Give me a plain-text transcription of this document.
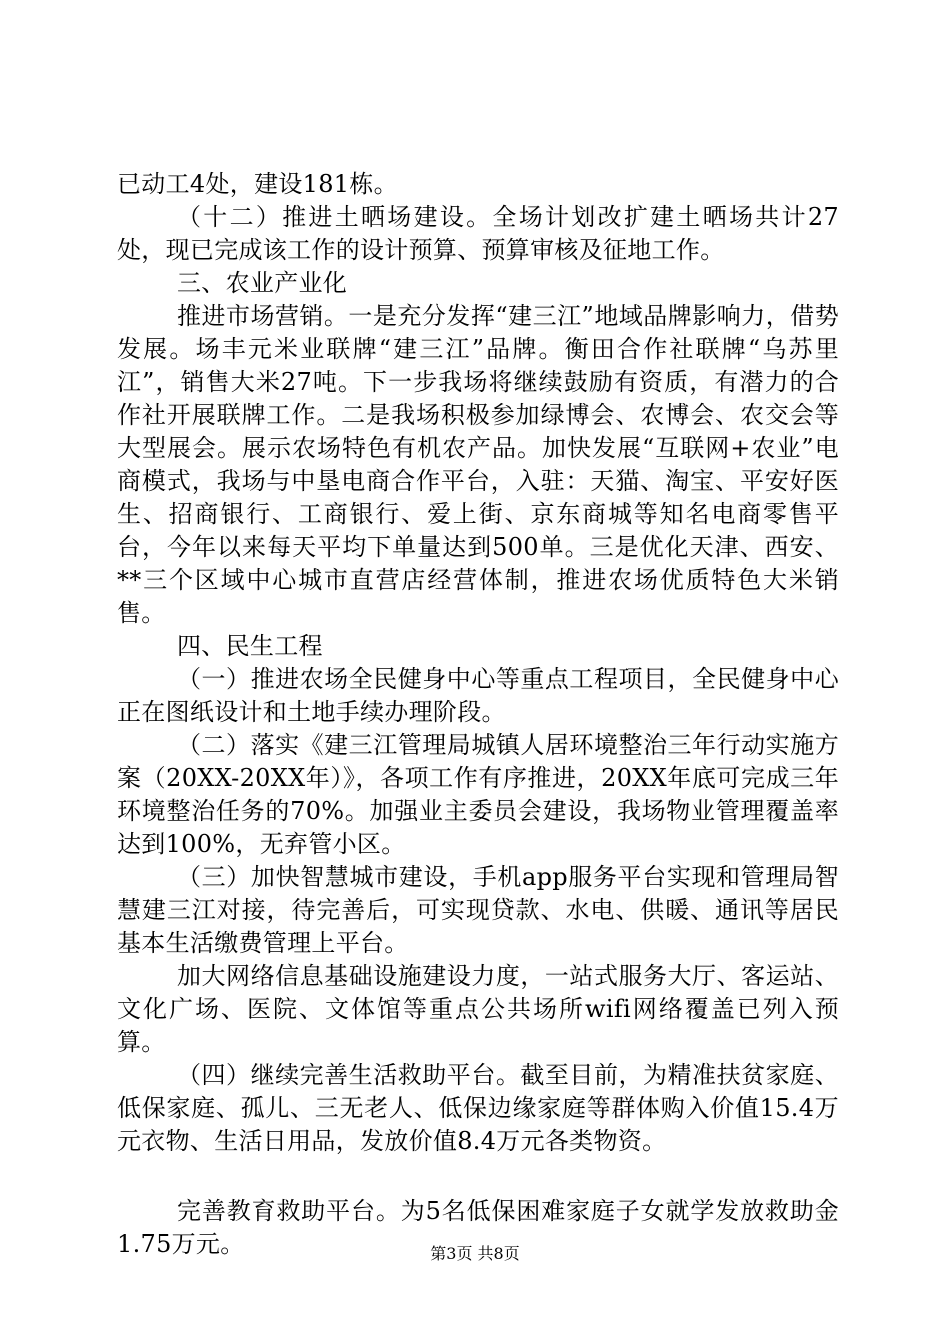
已动工4处，建设181栋。

（十二）推进土晒场建设。全场计划改扩建土晒场共计27处，现已完成该工作的设计预算、预算审核及征地工作。

三、农业产业化

推进市场营销。一是充分发挥“建三江”地域品牌影响力，借势发展。场丰元米业联牌“建三江”品牌。衡田合作社联牌“乌苏里江”，销售大米27吨。下一步我场将继续鼓励有资质，有潜力的合作社开展联牌工作。二是我场积极参加绿博会、农博会、农交会等大型展会。展示农场特色有机农产品。加快发展“互联网+农业”电商模式，我场与中垦电商合作平台，入驻：天猫、淘宝、平安好医生、招商银行、工商银行、爱上街、京东商城等知名电商零售平台，今年以来每天平均下单量达到500单。三是优化天津、西安、**三个区域中心城市直营店经营体制，推进农场优质特色大米销售。

四、民生工程

（一）推进农场全民健身中心等重点工程项目，全民健身中心正在图纸设计和土地手续办理阶段。

（二）落实《建三江管理局城镇人居环境整治三年行动实施方案（20XX-20XX年）》，各项工作有序推进，20XX年底可完成三年环境整治任务的70%。加强业主委员会建设，我场物业管理覆盖率达到100%，无弃管小区。

（三）加快智慧城市建设，手机app服务平台实现和管理局智慧建三江对接，待完善后，可实现贷款、水电、供暖、通讯等居民基本生活缴费管理上平台。

加大网络信息基础设施建设力度，一站式服务大厅、客运站、文化广场、医院、文体馆等重点公共场所wifi网络覆盖已列入预算。

（四）继续完善生活救助平台。截至目前，为精准扶贫家庭、低保家庭、孤儿、三无老人、低保边缘家庭等群体购入价值15.4万元衣物、生活日用品，发放价值8.4万元各类物资。

完善教育救助平台。为5名低保困难家庭子女就学发放救助金1.75万元。	第3页 共8页
